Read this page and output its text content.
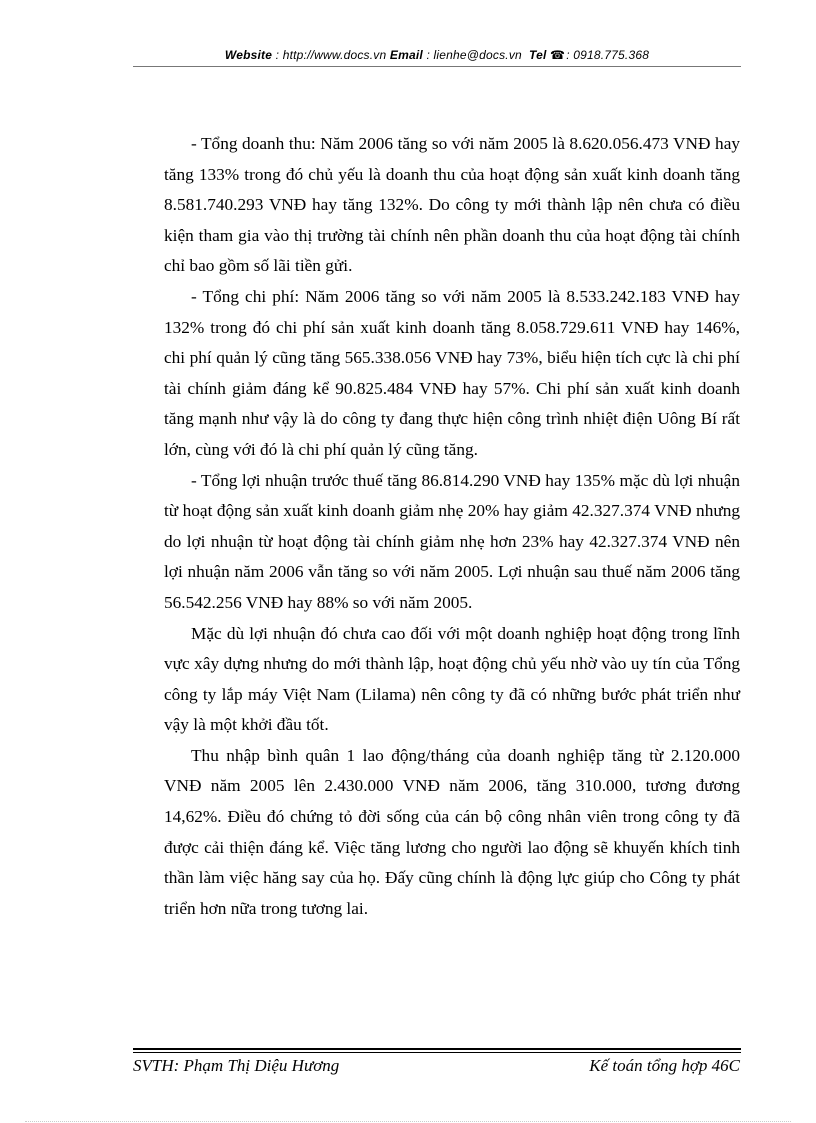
Website : http://www.docs.vn Email : lienhe@docs.vn Tel ☎: 0918.775.368

- Tổng doanh thu: Năm 2006 tăng so với năm 2005 là 8.620.056.473 VNĐ hay tăng 133% trong đó chủ yếu là doanh thu của hoạt động sản xuất kinh doanh tăng 8.581.740.293 VNĐ hay tăng 132%. Do công ty mới thành lập nên chưa có điều kiện tham gia vào thị trường tài chính nên phần doanh thu của hoạt động tài chính chỉ bao gồm số lãi tiền gửi.

- Tổng chi phí: Năm 2006 tăng so với năm 2005 là 8.533.242.183 VNĐ hay 132% trong đó chi phí sản xuất kinh doanh tăng 8.058.729.611 VNĐ hay 146%, chi phí quản lý cũng tăng 565.338.056 VNĐ hay 73%, biểu hiện tích cực là chi phí tài chính giảm đáng kể 90.825.484 VNĐ hay 57%. Chi phí sản xuất kinh doanh tăng mạnh như vậy là do công ty đang thực hiện công trình nhiệt điện Uông Bí rất lớn, cùng với đó là chi phí quản lý cũng tăng.

- Tổng lợi nhuận trước thuế tăng 86.814.290 VNĐ hay 135% mặc dù lợi nhuận từ hoạt động sản xuất kinh doanh giảm nhẹ 20% hay giảm 42.327.374 VNĐ nhưng do lợi nhuận từ hoạt động tài chính giảm nhẹ hơn 23% hay 42.327.374 VNĐ nên lợi nhuận năm 2006 vẫn tăng so với năm 2005. Lợi nhuận sau thuế năm 2006 tăng 56.542.256 VNĐ hay 88% so với năm 2005.

Mặc dù lợi nhuận đó chưa cao đối với một doanh nghiệp hoạt động trong lĩnh vực xây dựng nhưng do mới thành lập, hoạt động chủ yếu nhờ vào uy tín của Tổng công ty lắp máy Việt Nam (Lilama) nên công ty đã có những bước phát triển như vậy là một khởi đầu tốt.

Thu nhập bình quân 1 lao động/tháng của doanh nghiệp tăng từ 2.120.000 VNĐ năm 2005 lên 2.430.000 VNĐ năm 2006, tăng 310.000, tương đương 14,62%. Điều đó chứng tỏ đời sống của cán bộ công nhân viên trong công ty đã được cải thiện đáng kể. Việc tăng lương cho người lao động sẽ khuyến khích tinh thần làm việc hăng say của họ. Đấy cũng chính là động lực giúp cho Công ty phát triển hơn nữa trong tương lai.

SVTH: Phạm Thị Diệu Hương	Kế toán tổng hợp 46C
